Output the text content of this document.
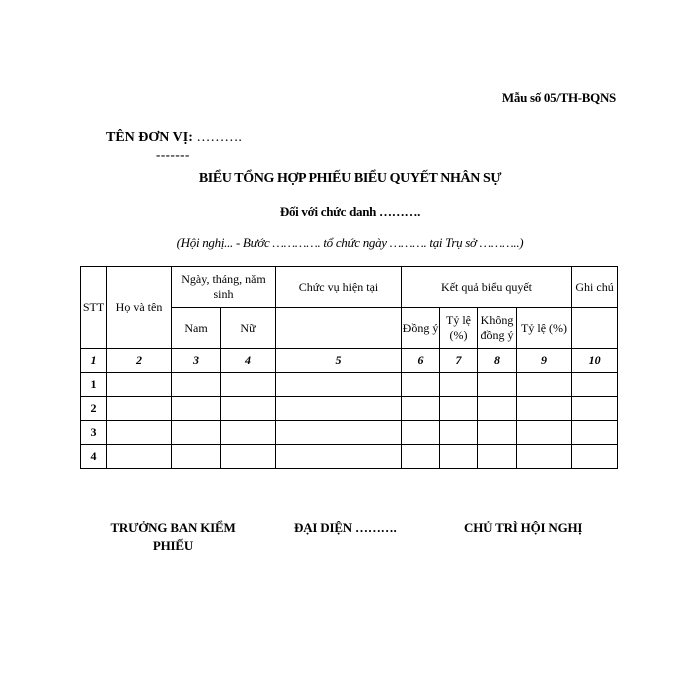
Mẫu số 05/TH-BQNS
TÊN ĐƠN VỊ: ……….
-------
BIỂU TỔNG HỢP PHIẾU BIỂU QUYẾT NHÂN SỰ
Đối với chức danh ……….
(Hội nghị... - Bước …………. tổ chức ngày ………. tại Trụ sở ………..)
STT	Họ và tên	Ngày, tháng, năm sinh		Chức vụ hiện tại	Kết quả biểu quyết				Ghi chú
		Nam	Nữ		Đồng ý	Tỷ lệ (%)	Không đồng ý	Tỷ lệ (%)	
1	2	3	4	5	6	7	8	9	10
1									
2									
3									
4									
TRƯỞNG BAN KIỂM PHIẾU
ĐẠI DIỆN ……….	CHỦ TRÌ HỘI NGHỊ
